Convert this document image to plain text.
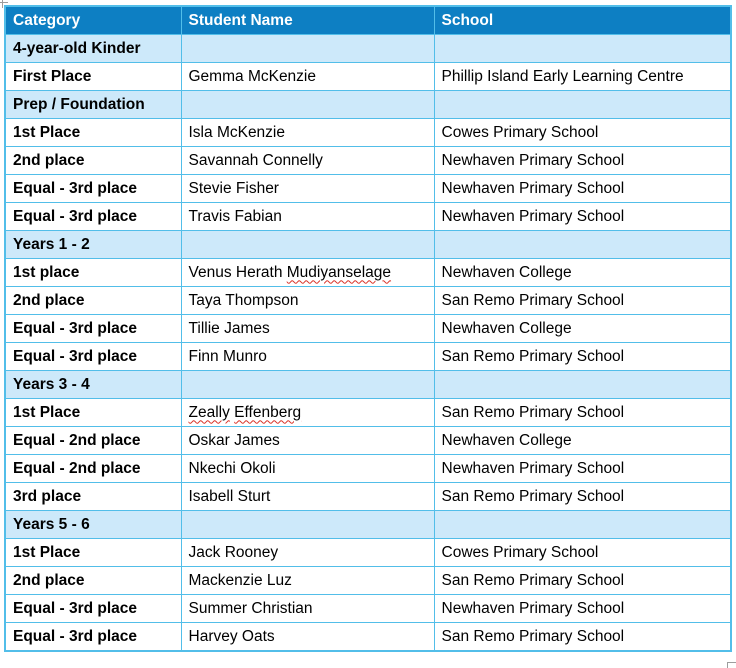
Category	Student Name	School
4-year-old Kinder		
First Place	Gemma McKenzie	Phillip Island Early Learning Centre
Prep / Foundation		
1st Place	Isla McKenzie	Cowes Primary School
2nd place	Savannah Connelly	Newhaven Primary School
Equal - 3rd place	Stevie Fisher	Newhaven Primary School
Equal - 3rd place	Travis Fabian	Newhaven Primary School
Years 1 - 2		
1st place	Venus Herath Mudiyanselage	Newhaven College
2nd place	Taya Thompson	San Remo Primary School
Equal - 3rd place	Tillie James	Newhaven College
Equal - 3rd place	Finn Munro	San Remo Primary School
Years 3 - 4		
1st Place	Zeally Effenberg	San Remo Primary School
Equal - 2nd place	Oskar James	Newhaven College
Equal - 2nd place	Nkechi Okoli	Newhaven Primary School
3rd place	Isabell Sturt	San Remo Primary School
Years 5 - 6		
1st Place	Jack Rooney	Cowes Primary School
2nd place	Mackenzie Luz	San Remo Primary School
Equal - 3rd place	Summer Christian	Newhaven Primary School
Equal - 3rd place	Harvey Oats	San Remo Primary School
